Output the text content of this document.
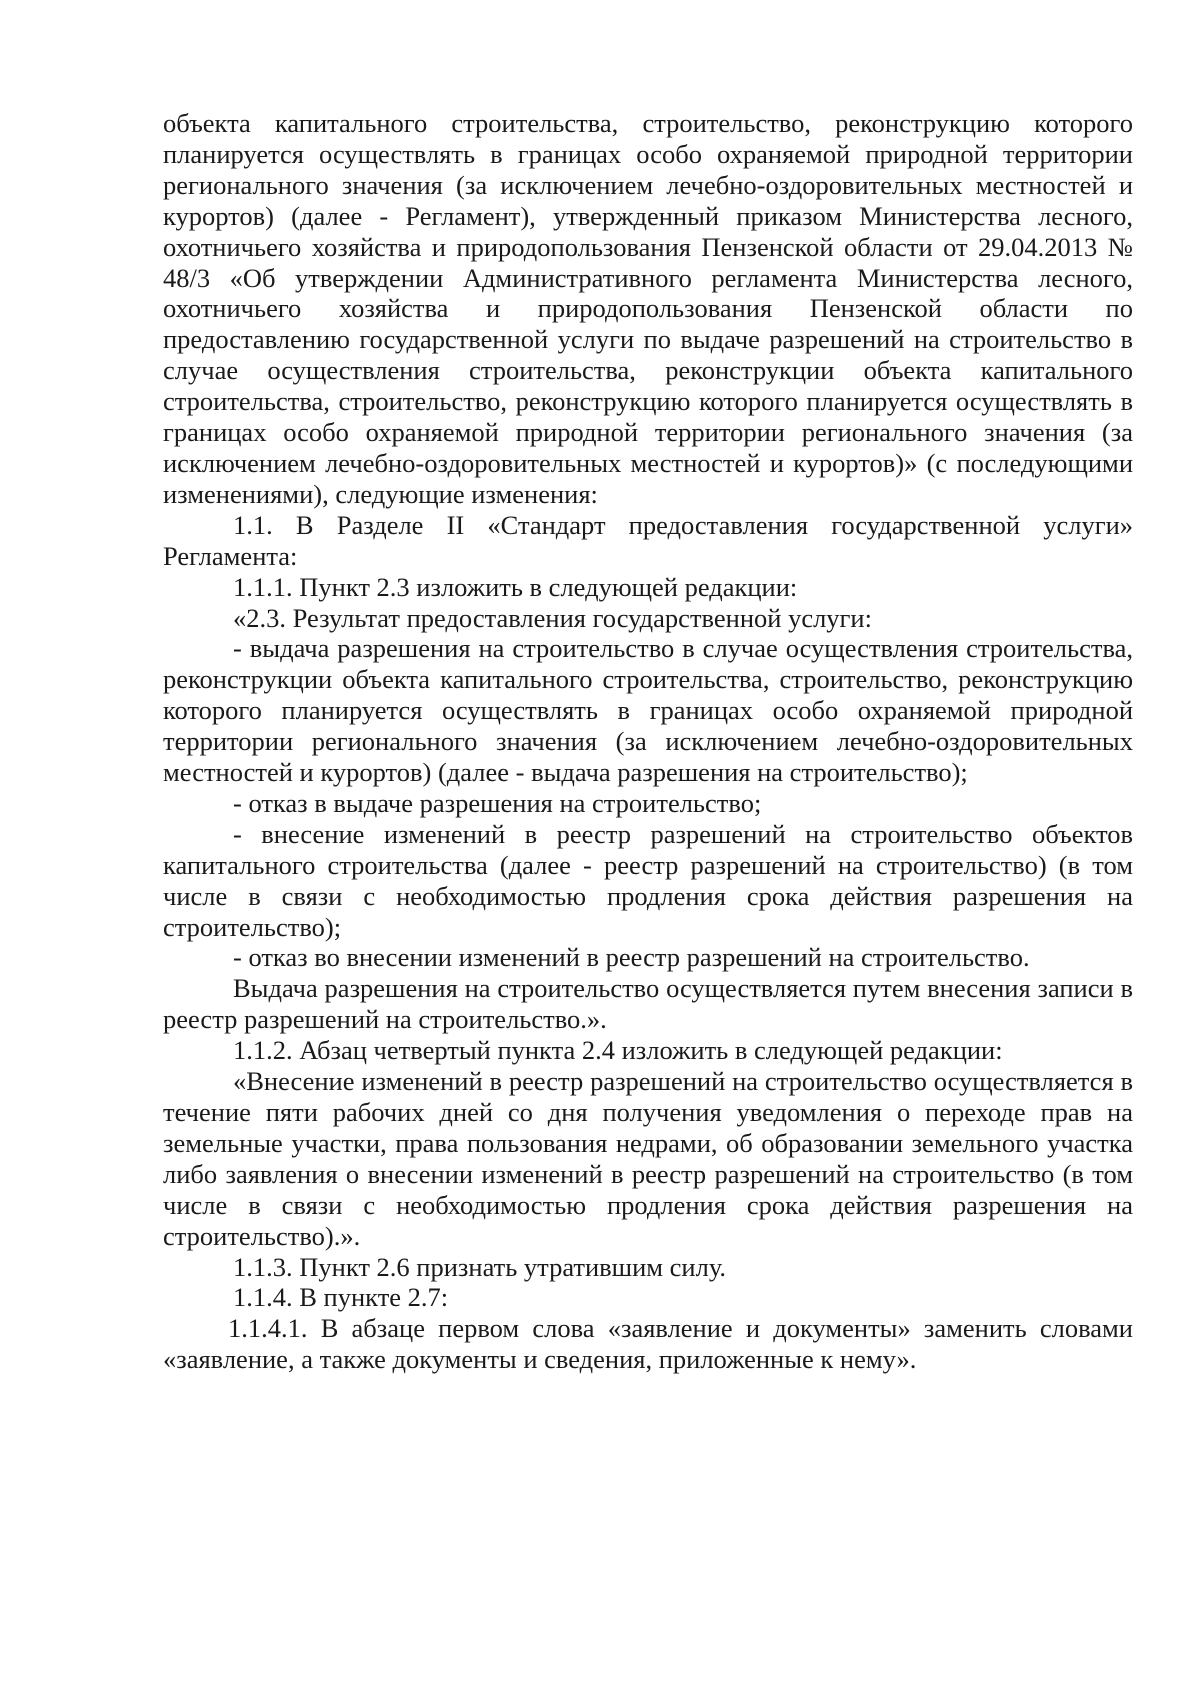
объекта капитального строительства, строительство, реконструкцию которого планируется осуществлять в границах особо охраняемой природной территории регионального значения (за исключением лечебно-оздоровительных местностей и курортов) (далее - Регламент), утвержденный приказом Министерства лесного, охотничьего хозяйства и природопользования Пензенской области от 29.04.2013 № 48/3 «Об утверждении Административного регламента Министерства лесного, охотничьего хозяйства и природопользования Пензенской области по предоставлению государственной услуги по выдаче разрешений на строительство в случае осуществления строительства, реконструкции объекта капитального строительства, строительство, реконструкцию которого планируется осуществлять в границах особо охраняемой природной территории регионального значения (за исключением лечебно-оздоровительных местностей и курортов)» (с последующими изменениями), следующие изменения:

1.1. В Разделе II «Стандарт предоставления государственной услуги» Регламента:

1.1.1. Пункт 2.3 изложить в следующей редакции:

«2.3. Результат предоставления государственной услуги:

- выдача разрешения на строительство в случае осуществления строительства, реконструкции объекта капитального строительства, строительство, реконструкцию которого планируется осуществлять в границах особо охраняемой природной территории регионального значения (за исключением лечебно-оздоровительных местностей и курортов) (далее - выдача разрешения на строительство);

- отказ в выдаче разрешения на строительство;

- внесение изменений в реестр разрешений на строительство объектов капитального строительства (далее - реестр разрешений на строительство) (в том числе в связи с необходимостью продления срока действия разрешения на строительство);

- отказ во внесении изменений в реестр разрешений на строительство.

Выдача разрешения на строительство осуществляется путем внесения записи в реестр разрешений на строительство.».

1.1.2. Абзац четвертый пункта 2.4 изложить в следующей редакции:

«Внесение изменений в реестр разрешений на строительство осуществляется в течение пяти рабочих дней со дня получения уведомления о переходе прав на земельные участки, права пользования недрами, об образовании земельного участка либо заявления о внесении изменений в реестр разрешений на строительство (в том числе в связи с необходимостью продления срока действия разрешения на строительство).».

1.1.3. Пункт 2.6 признать утратившим силу.

1.1.4. В пункте 2.7:

1.1.4.1. В абзаце первом слова «заявление и документы» заменить словами «заявление, а также документы и сведения, приложенные к нему».
